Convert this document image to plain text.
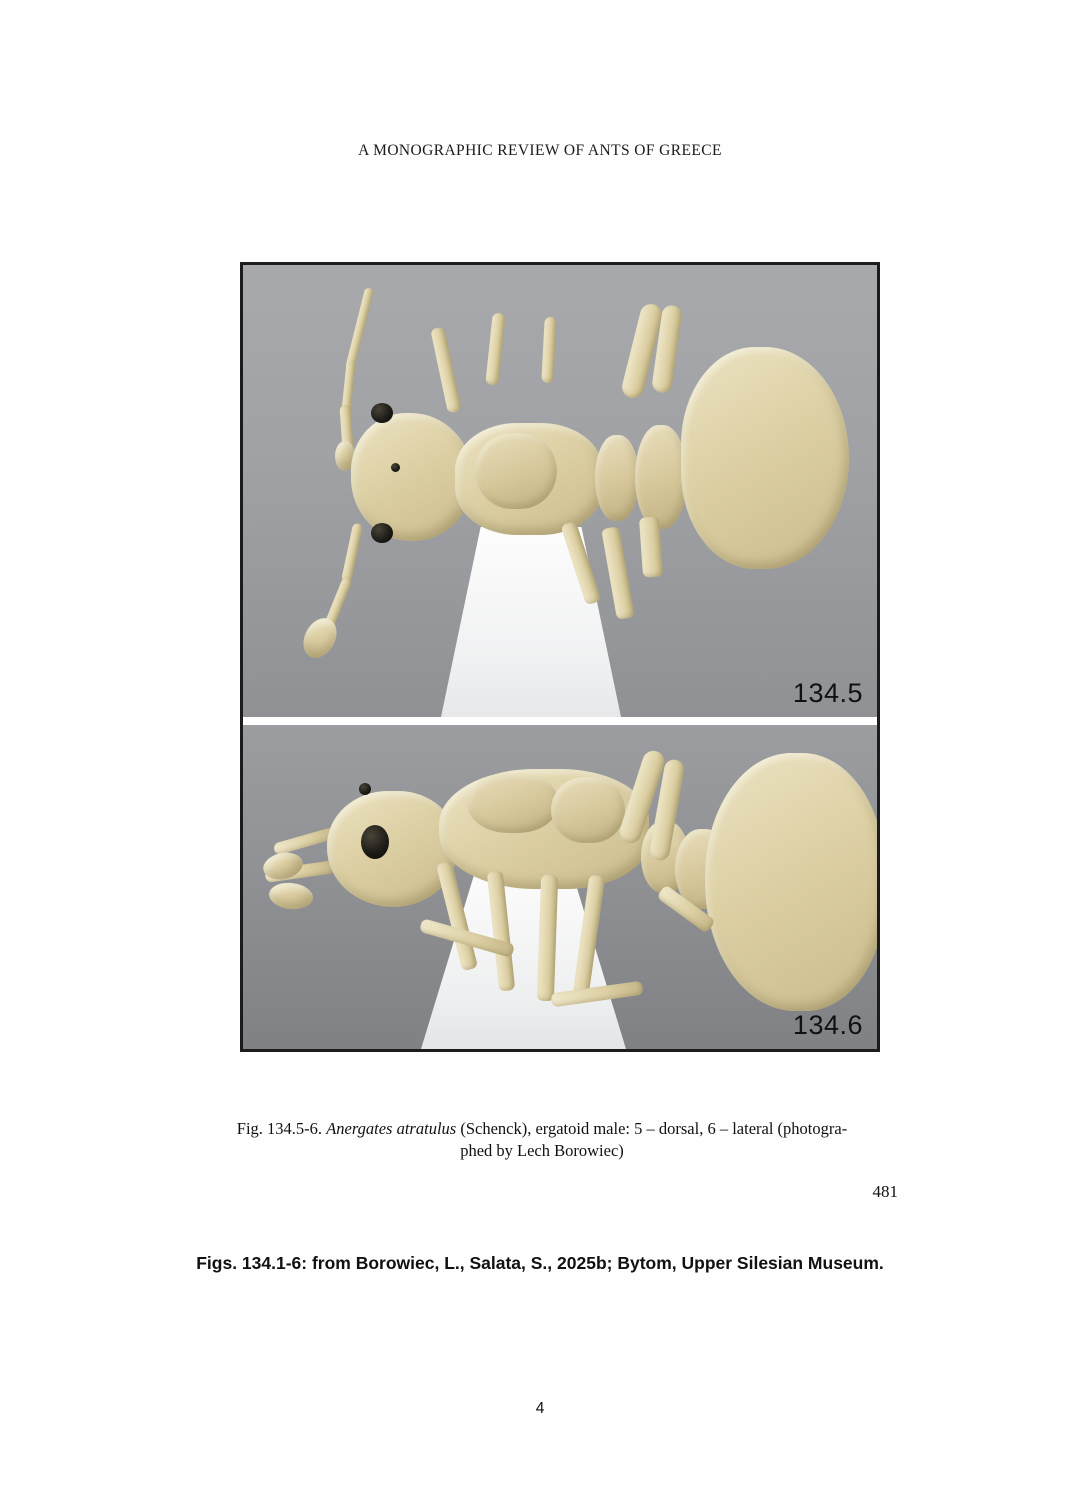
A MONOGRAPHIC REVIEW OF ANTS OF GREECE
134.5
134.6
Fig. 134.5-6. Anergates atratulus (Schenck), ergatoid male: 5 – dorsal, 6 – lateral (photogra-
phed by Lech Borowiec)
481
Figs. 134.1-6: from Borowiec, L., Salata, S., 2025b; Bytom, Upper Silesian Museum.
4
